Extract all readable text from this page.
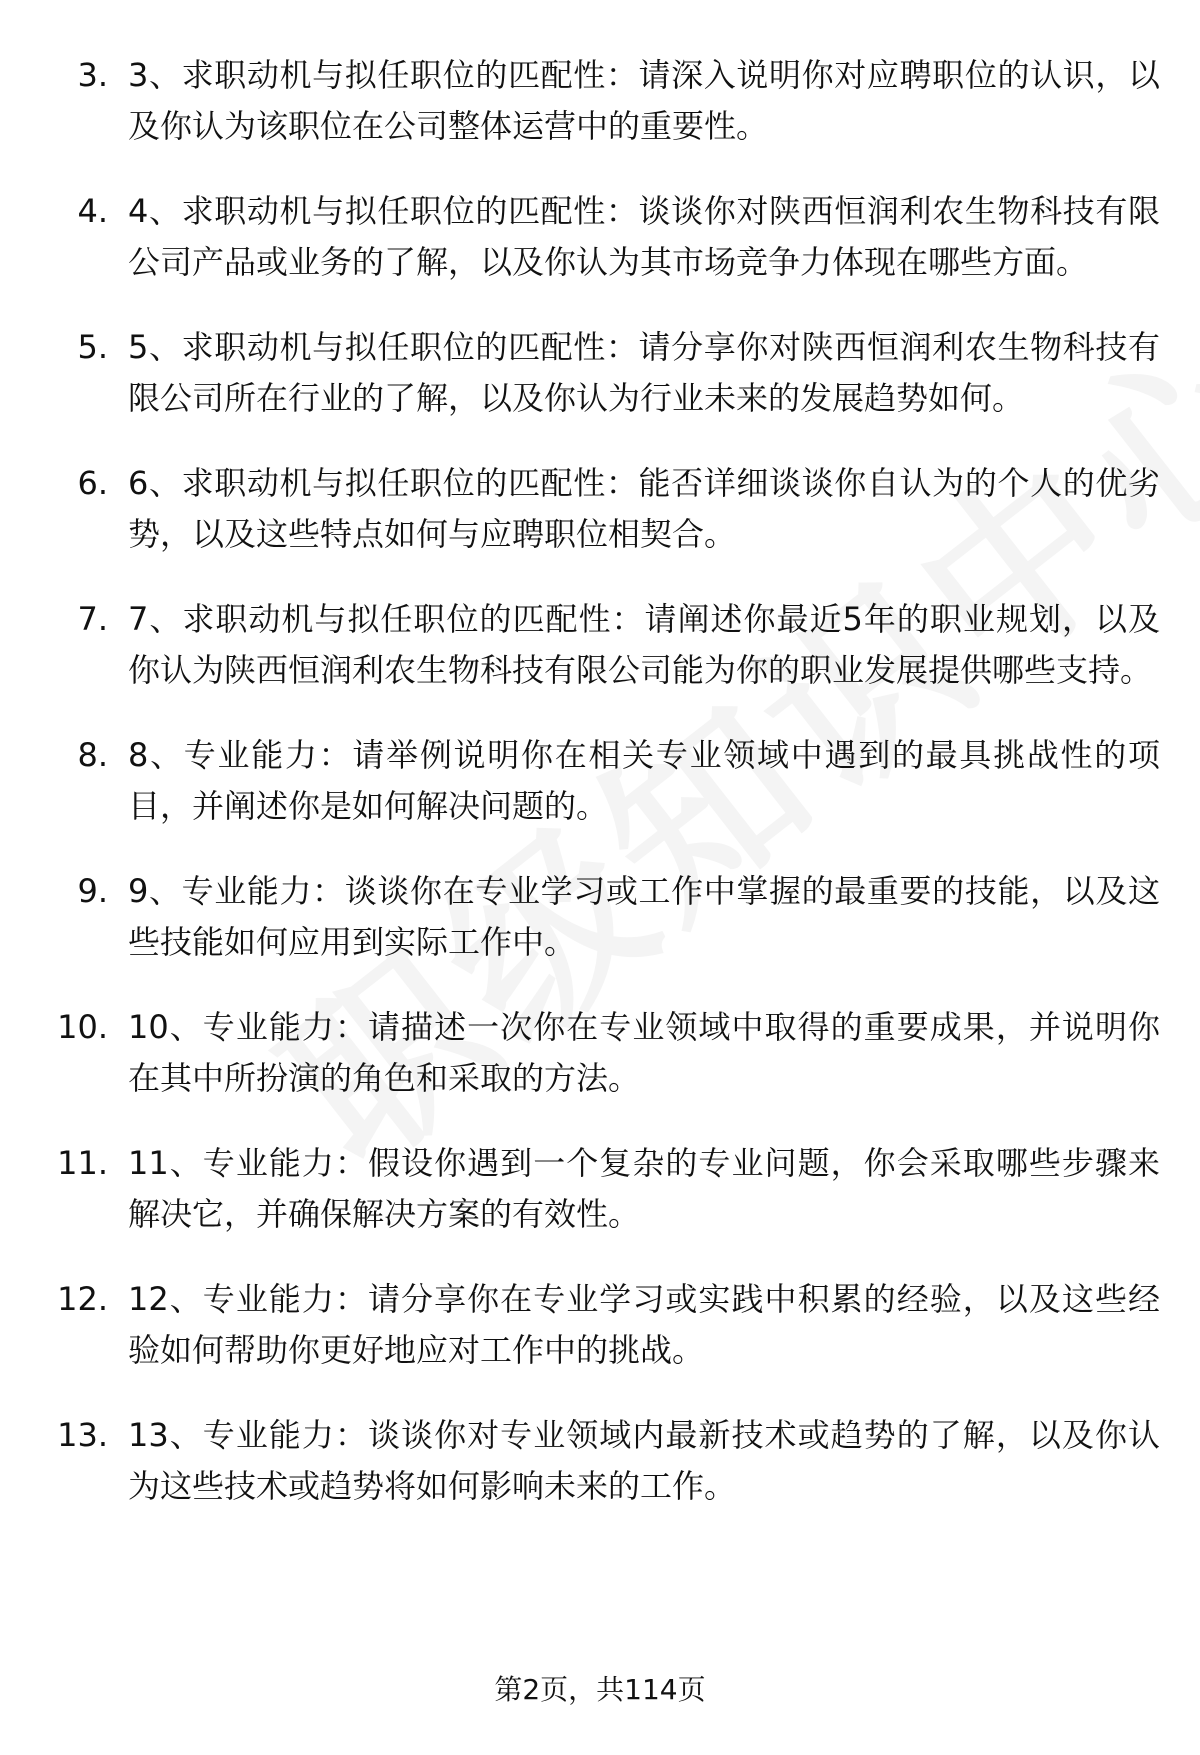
3. 3、求职动机与拟任职位的匹配性：请深入说明你对应聘职位的认识，以及你认为该职位在公司整体运营中的重要性。
4. 4、求职动机与拟任职位的匹配性：谈谈你对陕西恒润利农生物科技有限公司产品或业务的了解，以及你认为其市场竞争力体现在哪些方面。
5. 5、求职动机与拟任职位的匹配性：请分享你对陕西恒润利农生物科技有限公司所在行业的了解，以及你认为行业未来的发展趋势如何。
6. 6、求职动机与拟任职位的匹配性：能否详细谈谈你自认为的个人的优劣势，以及这些特点如何与应聘职位相契合。
7. 7、求职动机与拟任职位的匹配性：请阐述你最近5年的职业规划，以及你认为陕西恒润利农生物科技有限公司能为你的职业发展提供哪些支持。
8. 8、专业能力：请举例说明你在相关专业领域中遇到的最具挑战性的项目，并阐述你是如何解决问题的。
9. 9、专业能力：谈谈你在专业学习或工作中掌握的最重要的技能，以及这些技能如何应用到实际工作中。
10. 10、专业能力：请描述一次你在专业领域中取得的重要成果，并说明你在其中所扮演的角色和采取的方法。
11. 11、专业能力：假设你遇到一个复杂的专业问题，你会采取哪些步骤来解决它，并确保解决方案的有效性。
12. 12、专业能力：请分享你在专业学习或实践中积累的经验，以及这些经验如何帮助你更好地应对工作中的挑战。
13. 13、专业能力：谈谈你对专业领域内最新技术或趋势的了解，以及你认为这些技术或趋势将如何影响未来的工作。
第2页，共114页
